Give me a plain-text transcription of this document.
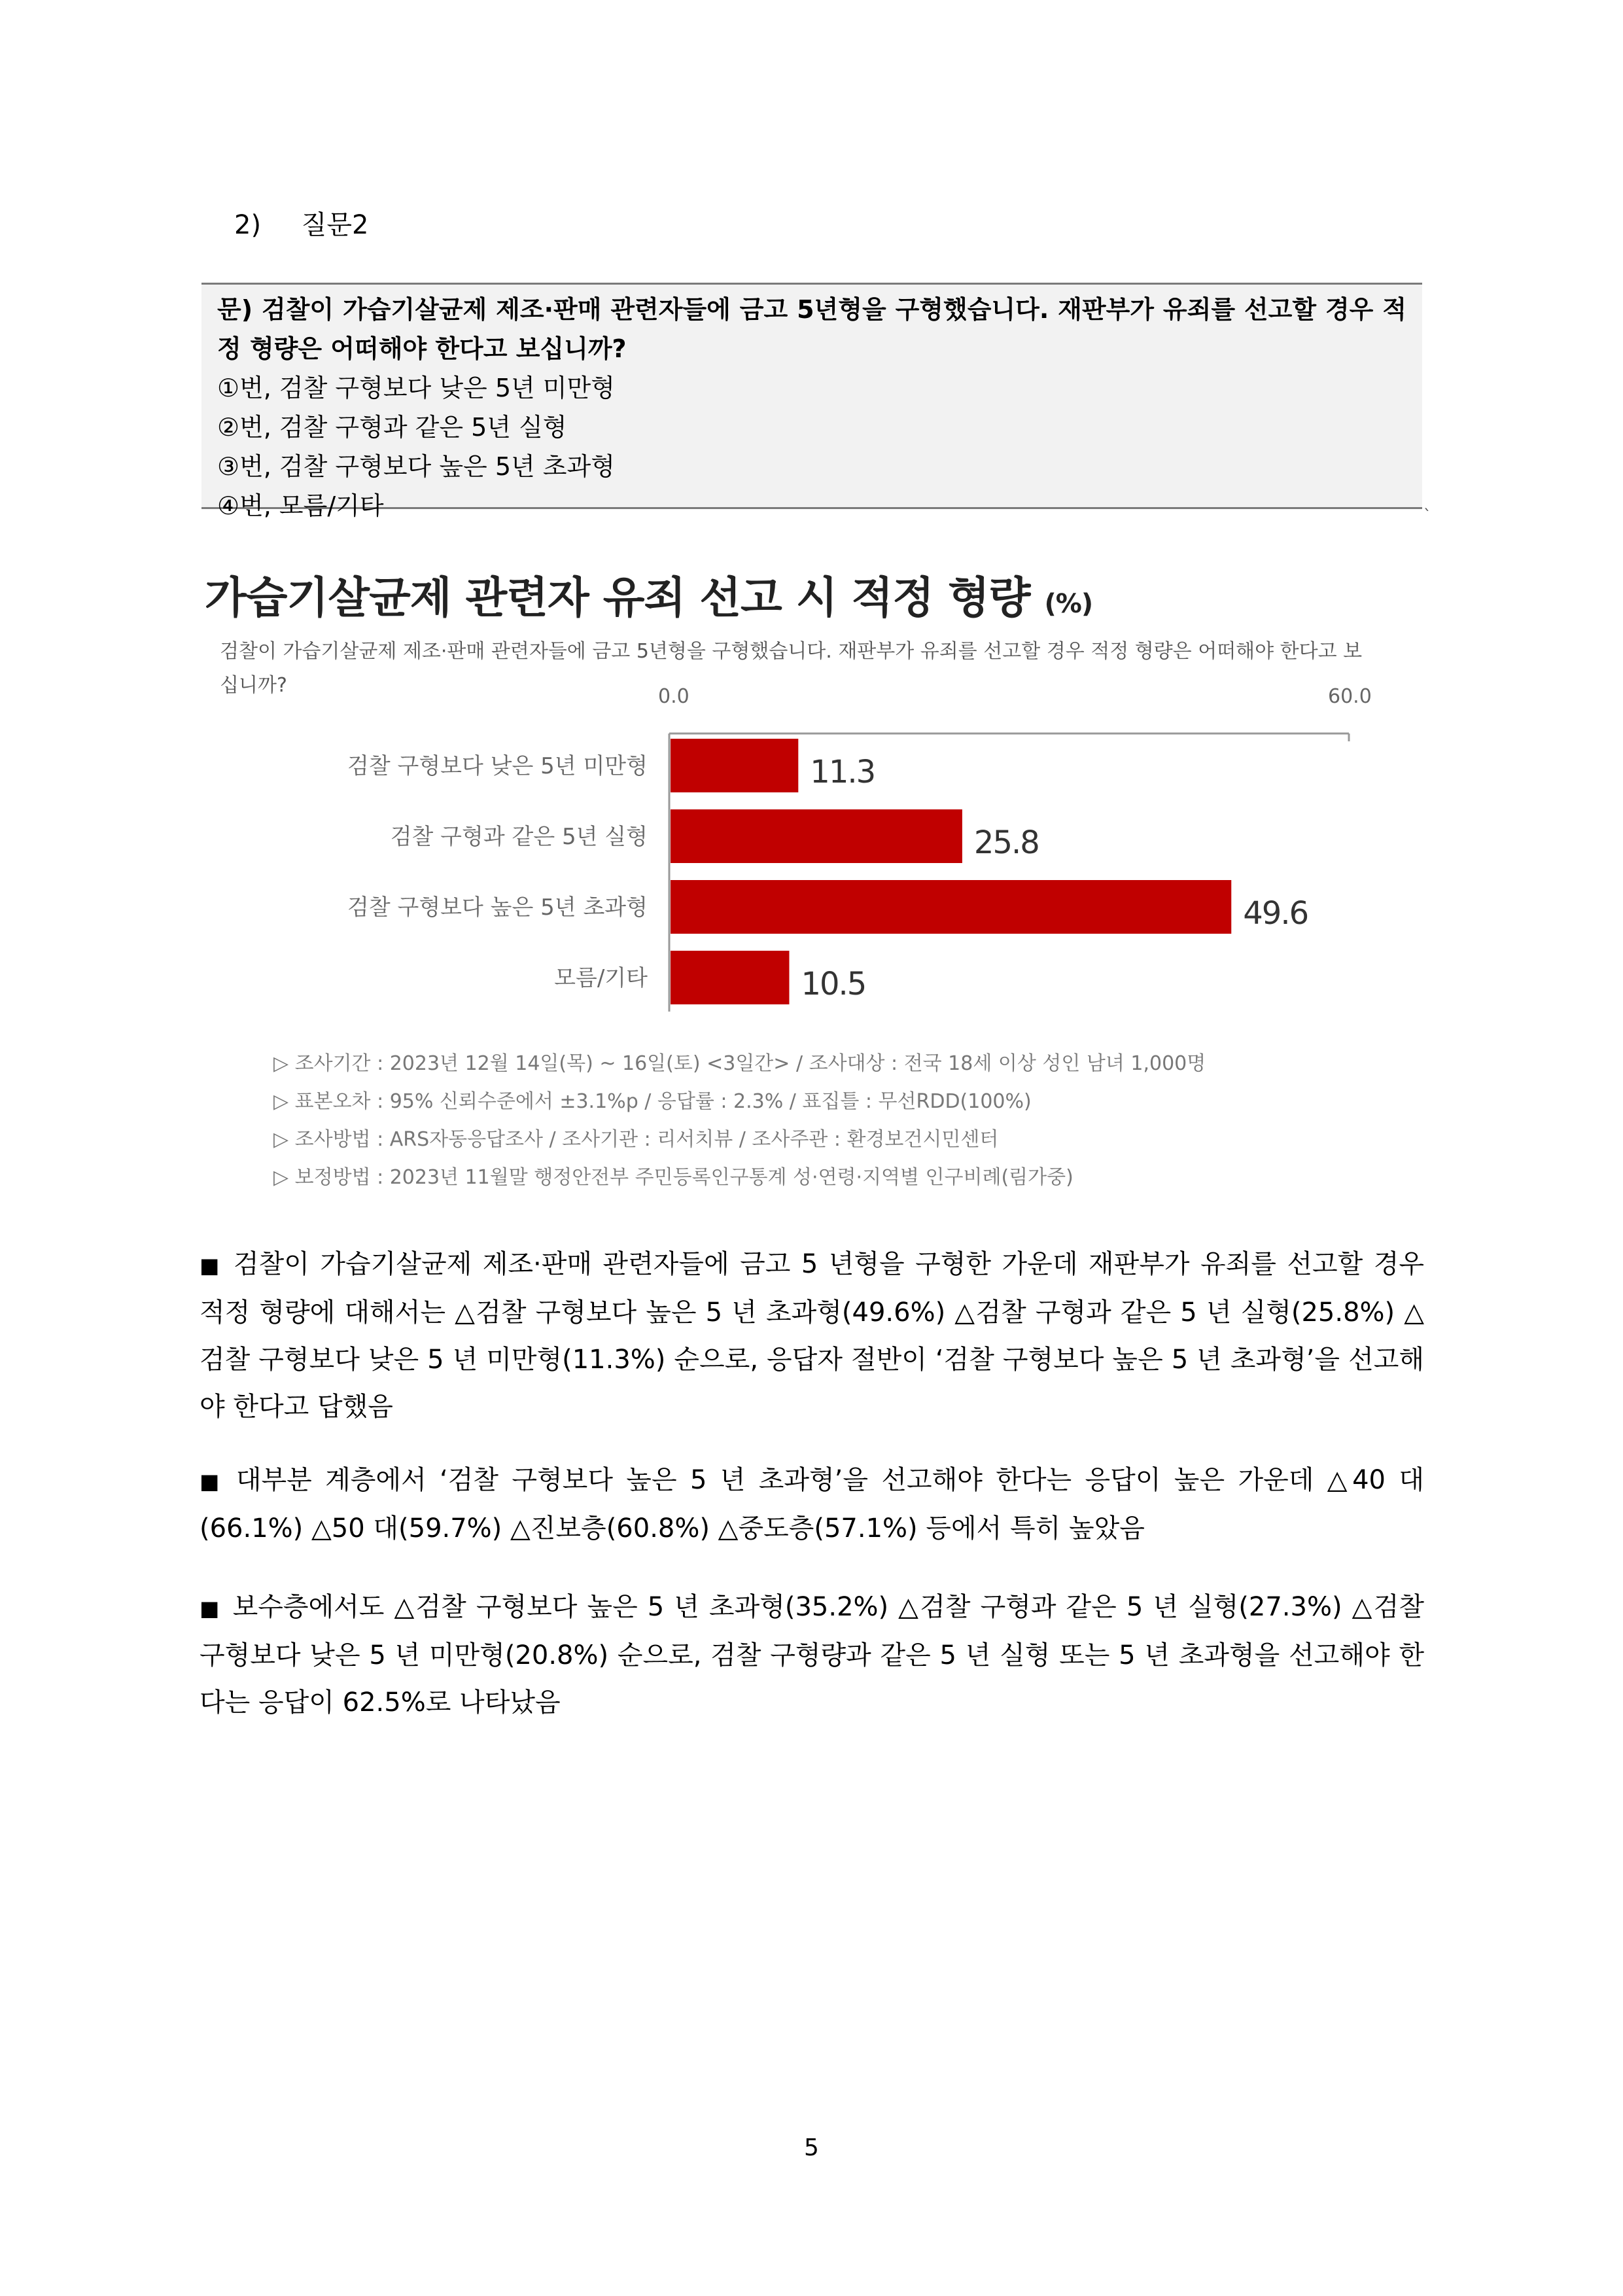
2) 질문2
문) 검찰이 가습기살균제 제조·판매 관련자들에 금고 5년형을 구형했습니다. 재판부가 유죄를 선고할 경우 적정 형량은 어떠해야 한다고 보십니까?
①번, 검찰 구형보다 낮은 5년 미만형
②번, 검찰 구형과 같은 5년 실형
③번, 검찰 구형보다 높은 5년 초과형
④번, 모름/기타	`
가습기살균제 관련자 유죄 선고 시 적정 형량 (%)
검찰이 가습기살균제 제조·판매 관련자들에 금고 5년형을 구형했습니다. 재판부가 유죄를 선고할 경우 적정 형량은 어떠해야 한다고 보십니까?	0.0	60.0
검찰 구형보다 낮은 5년 미만형	11.3
검찰 구형과 같은 5년 실형	25.8
검찰 구형보다 높은 5년 초과형	49.6
모름/기타	10.5
▷ 조사기간 : 2023년 12월 14일(목) ~ 16일(토) <3일간> / 조사대상 : 전국 18세 이상 성인 남녀 1,000명
▷ 표본오차 : 95% 신뢰수준에서 ±3.1%p / 응답률 : 2.3% / 표집틀 : 무선RDD(100%)
▷ 조사방법 : ARS자동응답조사 / 조사기관 : 리서치뷰 / 조사주관 : 환경보건시민센터
▷ 보정방법 : 2023년 11월말 행정안전부 주민등록인구통계 성·연령·지역별 인구비례(림가중)
■ 검찰이 가습기살균제 제조·판매 관련자들에 금고 5 년형을 구형한 가운데 재판부가 유죄를 선고할 경우 적정 형량에 대해서는 △검찰 구형보다 높은 5 년 초과형(49.6%) △검찰 구형과 같은 5 년 실형(25.8%) △검찰 구형보다 낮은 5 년 미만형(11.3%) 순으로, 응답자 절반이 ‘검찰 구형보다 높은 5 년 초과형’을 선고해야 한다고 답했음
■ 대부분 계층에서 ‘검찰 구형보다 높은 5 년 초과형’을 선고해야 한다는 응답이 높은 가운데 △40 대(66.1%) △50 대(59.7%) △진보층(60.8%) △중도층(57.1%) 등에서 특히 높았음
■ 보수층에서도 △검찰 구형보다 높은 5 년 초과형(35.2%) △검찰 구형과 같은 5 년 실형(27.3%) △검찰 구형보다 낮은 5 년 미만형(20.8%) 순으로, 검찰 구형량과 같은 5 년 실형 또는 5 년 초과형을 선고해야 한다는 응답이 62.5%로 나타났음
5
